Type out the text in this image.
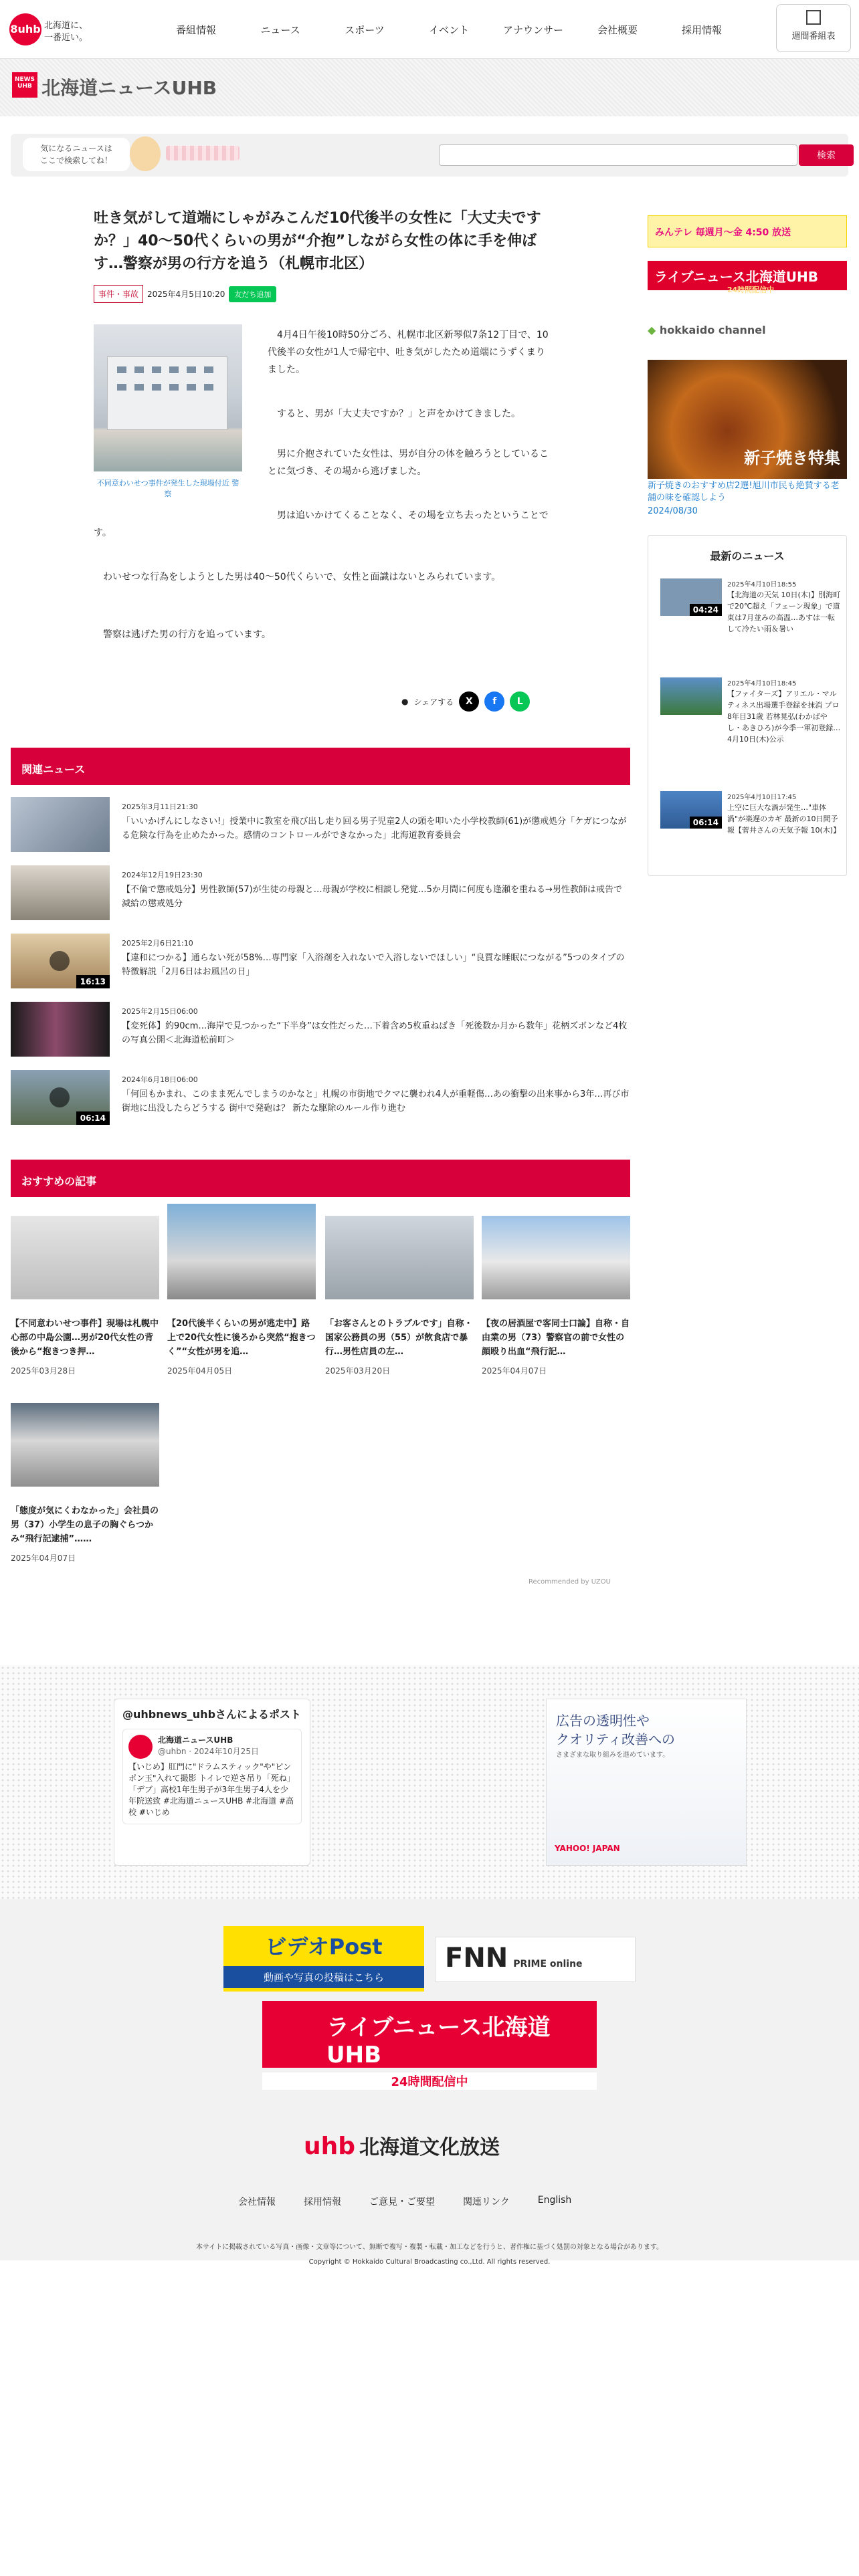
8uhb 北海道に、
一番近い。
番組情報	ニュース	スポーツ	イベント	アナウンサー	会社概要	採用情報
週間番組表
NEWS UHB 北海道ニュースUHB
気になるニュースは
ここで検索してね！	検索
吐き気がして道端にしゃがみこんだ10代後半の女性に「大丈夫ですか？」40～50代くらいの男が“介抱”しながら女性の体に手を伸ばす…警察が男の行方を追う（札幌市北区）
事件・事故	2025年4月5日10:20	友だち追加
不同意わいせつ事件が発生した現場付近 警察

4月4日午後10時50分ごろ、札幌市北区新琴似7条12丁目で、10代後半の女性が1人で帰宅中、吐き気がしたため道端にうずくまりました。

すると、男が「大丈夫ですか？」と声をかけてきました。

男に介抱されていた女性は、男が自分の体を触ろうとしていることに気づき、その場から逃げました。

男は追いかけてくることなく、その場を立ち去ったということです。

わいせつな行為をしようとした男は40～50代くらいで、女性と面識はないとみられています。

警察は逃げた男の行方を追っています。

● シェアする	X	f	L
関連ニュース
2025年3月11日21:30
「いいかげんにしなさい!」授業中に教室を飛び出し走り回る男子児童2人の頭を叩いた小学校教師(61)が懲戒処分「ケガにつながる危険な行為を止めたかった。感情のコントロールができなかった」北海道教育委員会
2024年12月19日23:30
【不倫で懲戒処分】男性教師(57)が生徒の母親と…母親が学校に相談し発覚…5か月間に何度も逢瀬を重ねる→男性教師は戒告で減給の懲戒処分
16:13
2025年2月6日21:10
【違和につかる】通らない死が58%…専門家「入浴剤を入れないで入浴しないでほしい」“良質な睡眠につながる”5つのタイプの特徴解説「2月6日はお風呂の日」
2025年2月15日06:00
【変死体】約90cm…海岸で見つかった“下半身”は女性だった…下着含め5枚重ねばき「死後数か月から数年」花柄ズボンなど4枚の写真公開＜北海道松前町＞
06:14
2024年6月18日06:00
「何回もかまれ、このまま死んでしまうのかなと」札幌の市街地でクマに襲われ4人が重軽傷…あの衝撃の出来事から3年…再び市街地に出没したらどうする 街中で発砲は？ 新たな駆除のルール作り進む
おすすめの記事
【不同意わいせつ事件】現場は札幌中心部の中島公園…男が20代女性の背後から“抱きつき押…
2025年03月28日
【20代後半くらいの男が逃走中】路上で20代女性に後ろから突然“抱きつく”“女性が男を追…
2025年04月05日
「お客さんとのトラブルです」自称・国家公務員の男（55）が飲食店で暴行…男性店員の左…
2025年03月20日
【夜の居酒屋で客同士口論】自称・自由業の男（73）警察官の前で女性の顔殴り出血“飛行記…
2025年04月07日
「態度が気にくわなかった」会社員の男（37）小学生の息子の胸ぐらつかみ“飛行記逮捕”……
2025年04月07日
Recommended by UZOU
みんテレ 毎週月～金 4:50 放送
ライブニュース北海道UHB
24時間配信中
◆ hokkaido channel
新子焼き特集
新子焼きのおすすめ店2選!旭川市民も絶賛する老舗の味を確認しよう
2024/08/30
最新のニュース
04:24
2025年4月10日18:55
【北海道の天気 10日(木)】別海町で20℃超え「フェーン現象」で道東は7月並みの高温…あすは一転して冷たい雨＆暑い
2025年4月10日18:45
【ファイターズ】アリエル・マルティネス出場選手登録を抹消 プロ8年目31歳 若林晃弘(わかばやし・あきひろ)が今季一軍初登録…4月10日(木)公示
06:14
2025年4月10日17:45
上空に巨大な渦が発生…"車体渦"が楽遅のカギ 最新の10日間予報【菅井さんの天気予報 10(木)】
@uhbnews_uhbさんによるポスト
北海道ニュースUHB
@uhbn · 2024年10月25日
【いじめ】肛門に"ドラムスティック"や"ピンポン玉"入れて撮影 トイレで逆さ吊り「死ね」「デブ」高校1年生男子が3年生男子4人を少年院送致 #北海道ニュースUHB #北海道 #高校 #いじめ
広告の透明性や
クオリティ改善への
さまざまな取り組みを進めています。
YAHOO! JAPAN
ビデオPost
動画や写真の投稿はこちら
FNN PRIME online
ライブニュース北海道UHB
24時間配信中
uhb 北海道文化放送
会社情報	採用情報	ご意見・ご要望	関連リンク	English
本サイトに掲載されている写真・画像・文章等について、無断で複写・複製・転載・加工などを行うと、著作権に基づく処罰の対象となる場合があります。
Copyright © Hokkaido Cultural Broadcasting co.,Ltd. All rights reserved.
